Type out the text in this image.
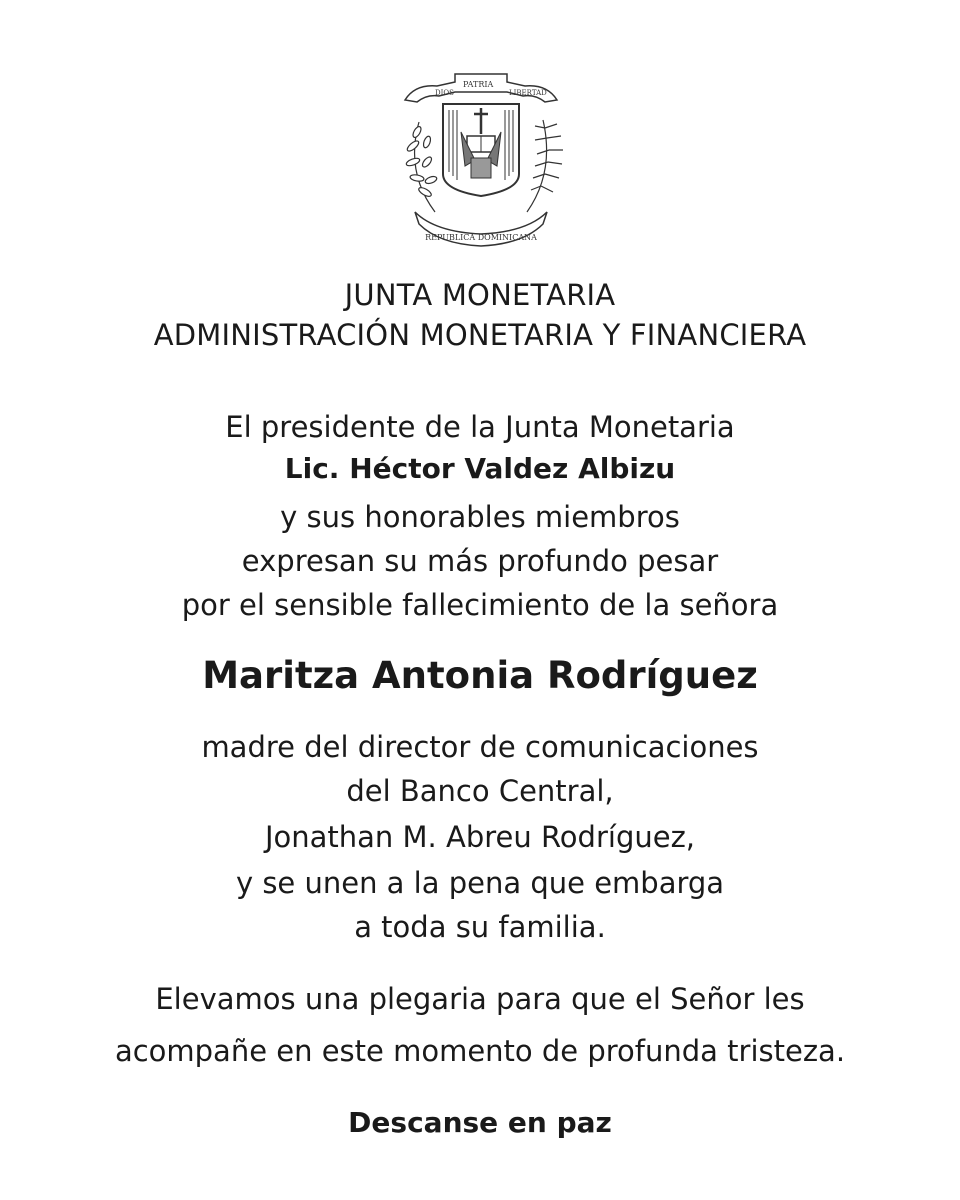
DIOS
PATRIA
LIBERTAD
REPUBLICA DOMINICANA
JUNTA MONETARIA
ADMINISTRACIÓN MONETARIA Y FINANCIERA
El presidente de la Junta Monetaria
Lic. Héctor Valdez Albizu
y sus honorables miembros
expresan su más profundo pesar
por el sensible fallecimiento de la señora
Maritza Antonia Rodríguez
madre del director de comunicaciones
del Banco Central,
Jonathan M. Abreu Rodríguez,
y se unen a la pena que embarga
a toda su familia.
Elevamos una plegaria para que el Señor les
acompañe en este momento de profunda tristeza.
Descanse en paz
